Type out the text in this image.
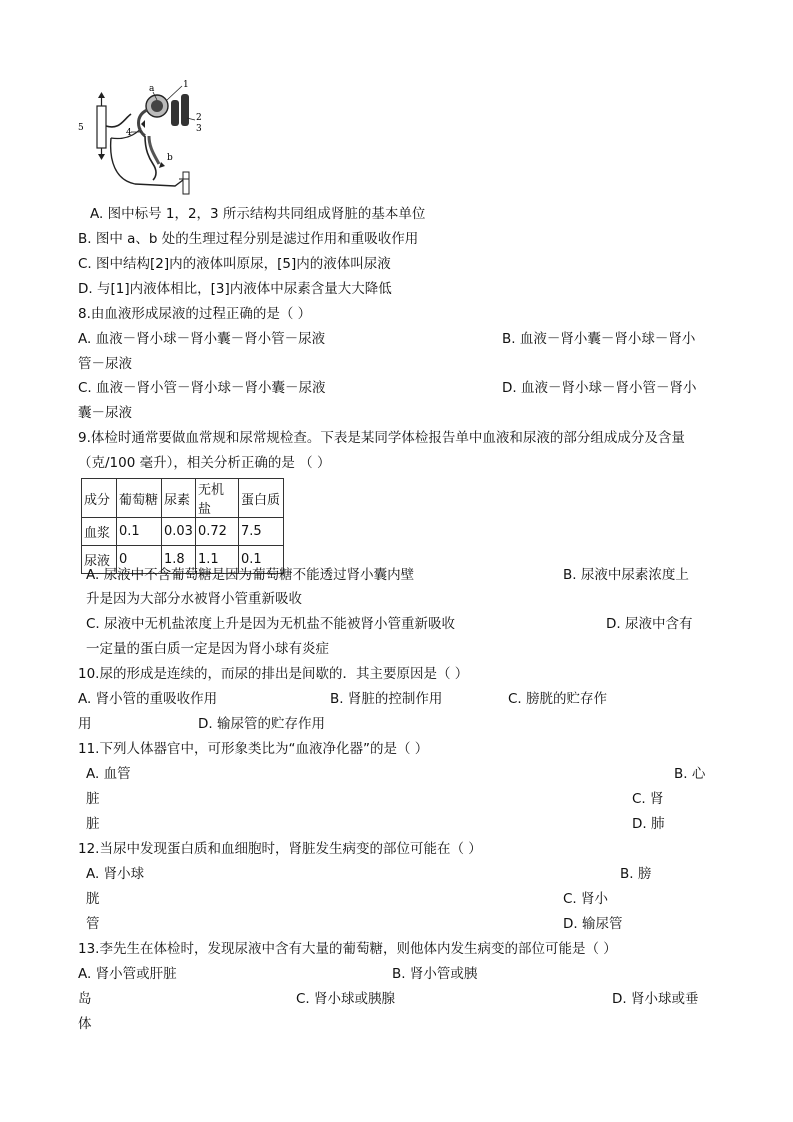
a	1
5	4
2
3
b
A. 图中标号 1，2，3 所示结构共同组成肾脏的基本单位
B. 图中 a、b 处的生理过程分别是滤过作用和重吸收作用
C. 图中结构[2]内的液体叫原尿，[5]内的液体叫尿液
D. 与[1]内液体相比，[3]内液体中尿素含量大大降低
8.由血液形成尿液的过程正确的是（ ）
A. 血液－肾小球－肾小囊－肾小管－尿液	B. 血液－肾小囊－肾小球－肾小
管－尿液
C. 血液－肾小管－肾小球－肾小囊－尿液	D. 血液－肾小球－肾小管－肾小
囊－尿液
9.体检时通常要做血常规和尿常规检查。下表是某同学体检报告单中血液和尿液的部分组成成分及含量
（克/100 毫升），相关分析正确的是 （ ）
成分	葡萄糖	尿素	无机盐	蛋白质
血浆	0.1	0.03	0.72	7.5
尿液	0	1.8	1.1	0.1
A. 尿液中不含葡萄糖是因为葡萄糖不能透过肾小囊内壁	B. 尿液中尿素浓度上
升是因为大部分水被肾小管重新吸收
C. 尿液中无机盐浓度上升是因为无机盐不能被肾小管重新吸收	D. 尿液中含有
一定量的蛋白质一定是因为肾小球有炎症
10.尿的形成是连续的，而尿的排出是间歇的．其主要原因是（ ）
A. 肾小管的重吸收作用	B. 肾脏的控制作用	C. 膀胱的贮存作
用	D. 输尿管的贮存作用
11.下列人体器官中，可形象类比为“血液净化器”的是（ ）
A. 血管	B. 心
脏	C. 肾
脏	D. 肺
12.当尿中发现蛋白质和血细胞时，肾脏发生病变的部位可能在（ ）
A. 肾小球	B. 膀
胱	C. 肾小
管	D. 输尿管
13.李先生在体检时，发现尿液中含有大量的葡萄糖，则他体内发生病变的部位可能是（ ）
A. 肾小管或肝脏	B. 肾小管或胰
岛	C. 肾小球或胰腺	D. 肾小球或垂
体
